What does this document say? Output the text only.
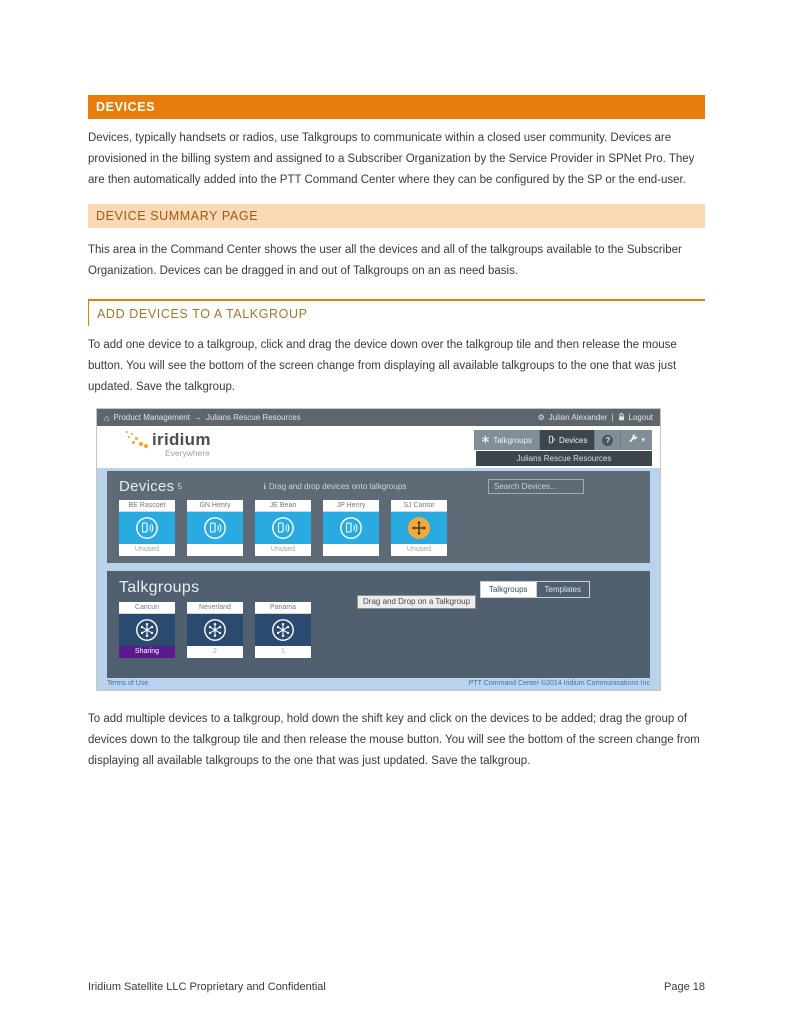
DEVICES

Devices, typically handsets or radios, use Talkgroups to communicate within a closed user community. Devices are provisioned in the billing system and assigned to a Subscriber Organization by the Service Provider in SPNet Pro. They are then automatically added into the PTT Command Center where they can be configured by the SP or the end-user.

DEVICE SUMMARY PAGE

This area in the Command Center shows the user all the devices and all of the talkgroups available to the Subscriber Organization. Devices can be dragged in and out of Talkgroups on an as need basis.

ADD DEVICES TO A TALKGROUP

To add one device to a talkgroup, click and drag the device down over the talkgroup tile and then release the mouse button. You will see the bottom of the screen change from displaying all available talkgroups to the one that was just updated. Save the talkgroup.

⌂ Product Management → Julians Rescue Resources	⚙ Julian Alexander | Logout
iridium
Everywhere
Talkgroups	Devices	?	▾
Julians Rescue Resources
Devices 5	i Drag and drop devices onto talkgroups
Search Devices...
BE Rascoet
Unused
GN Henry	JE Bean
Unused
JP Henry	SJ Cantor
Unused
Drag and Drop on a Talkgroup
Talkgroups	Talkgroups	Templates
Cancun
Sharing
Neverland
2
Panama
1
Terms of Use	PTT Command Center ©2014 Iridium Communications Inc

To add multiple devices to a talkgroup, hold down the shift key and click on the devices to be added; drag the group of devices down to the talkgroup tile and then release the mouse button. You will see the bottom of the screen change from displaying all available talkgroups to the one that was just updated. Save the talkgroup.

Iridium Satellite LLC Proprietary and Confidential	Page 18
